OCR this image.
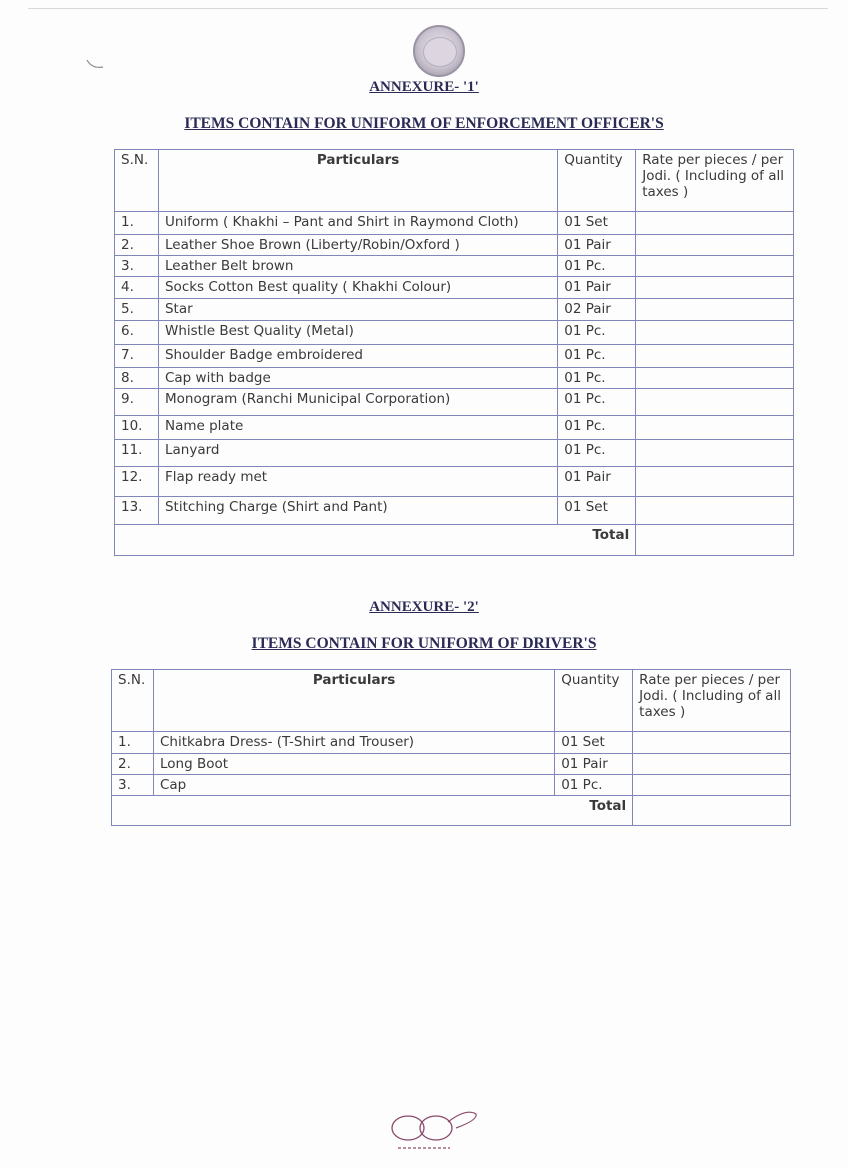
ANNEXURE- '1'
ITEMS CONTAIN FOR UNIFORM OF ENFORCEMENT OFFICER'S
S.N.	Particulars	Quantity	Rate per pieces / per Jodi. ( Including of all taxes )
1.	Uniform ( Khakhi – Pant and Shirt in Raymond Cloth)	01 Set	
2.	Leather Shoe Brown (Liberty/Robin/Oxford )	01 Pair	
3.	Leather Belt brown	01 Pc.	
4.	Socks Cotton Best quality ( Khakhi Colour)	01 Pair	
5.	Star	02 Pair	
6.	Whistle Best Quality (Metal)	01 Pc.	
7.	Shoulder Badge embroidered	01 Pc.	
8.	Cap with badge	01 Pc.	
9.	Monogram (Ranchi Municipal Corporation)	01 Pc.	
10.	Name plate	01 Pc.	
11.	Lanyard	01 Pc.	
12.	Flap ready met	01 Pair	
13.	Stitching Charge (Shirt and Pant)	01 Set	
Total			
ANNEXURE- '2'
ITEMS CONTAIN FOR UNIFORM OF DRIVER'S
S.N.	Particulars	Quantity	Rate per pieces / per Jodi. ( Including of all taxes )
1.	Chitkabra Dress- (T-Shirt and Trouser)	01 Set	
2.	Long Boot	01 Pair	
3.	Cap	01 Pc.	
Total			
